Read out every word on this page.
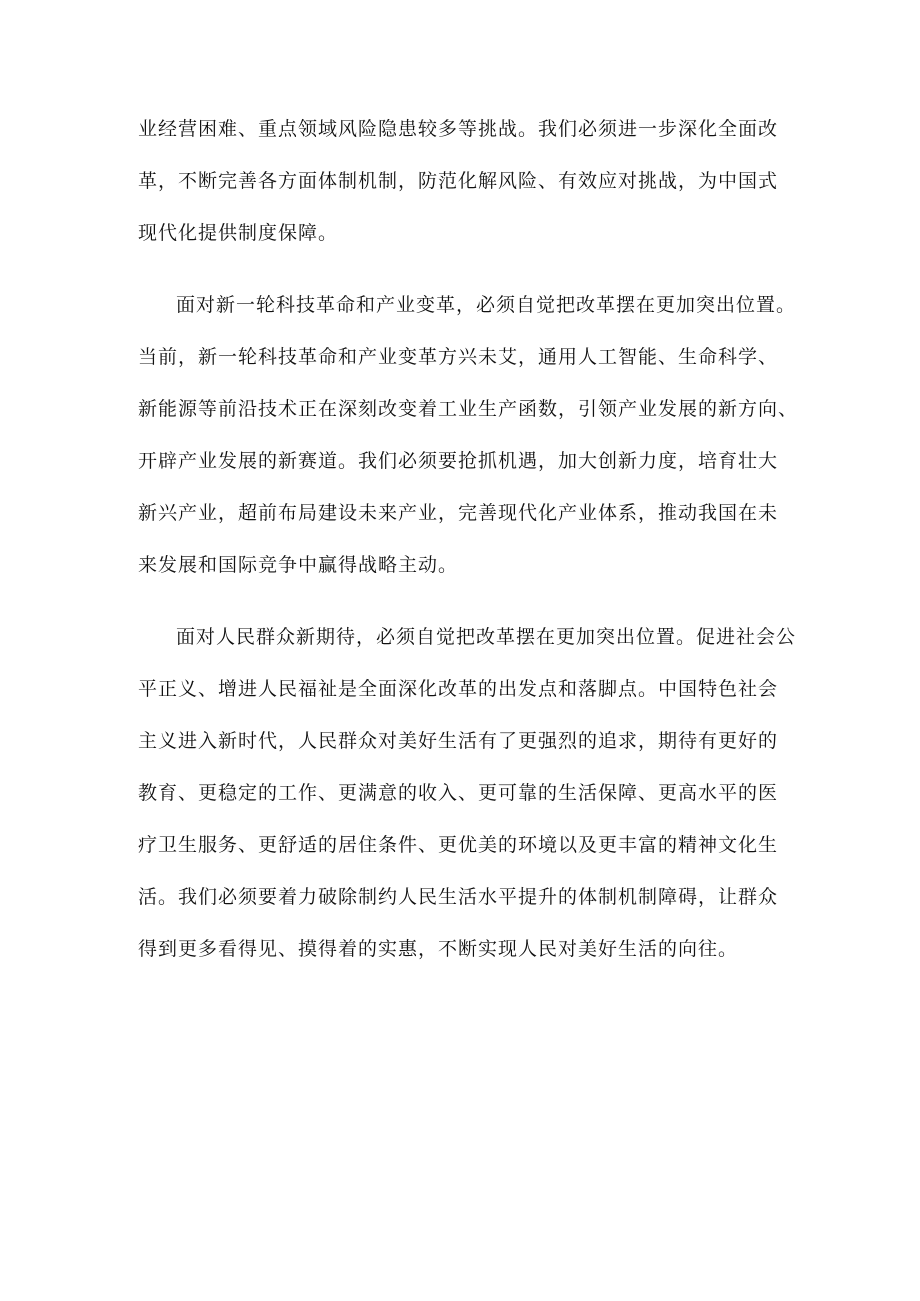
业经营困难、重点领域风险隐患较多等挑战。我们必须进一步深化全面改
革，不断完善各方面体制机制，防范化解风险、有效应对挑战，为中国式
现代化提供制度保障。
面对新一轮科技革命和产业变革，必须自觉把改革摆在更加突出位置。
当前，新一轮科技革命和产业变革方兴未艾，通用人工智能、生命科学、
新能源等前沿技术正在深刻改变着工业生产函数，引领产业发展的新方向、
开辟产业发展的新赛道。我们必须要抢抓机遇，加大创新力度，培育壮大
新兴产业，超前布局建设未来产业，完善现代化产业体系，推动我国在未
来发展和国际竞争中赢得战略主动。
面对人民群众新期待，必须自觉把改革摆在更加突出位置。促进社会公
平正义、增进人民福祉是全面深化改革的出发点和落脚点。中国特色社会
主义进入新时代，人民群众对美好生活有了更强烈的追求，期待有更好的
教育、更稳定的工作、更满意的收入、更可靠的生活保障、更高水平的医
疗卫生服务、更舒适的居住条件、更优美的环境以及更丰富的精神文化生
活。我们必须要着力破除制约人民生活水平提升的体制机制障碍，让群众
得到更多看得见、摸得着的实惠，不断实现人民对美好生活的向往。
